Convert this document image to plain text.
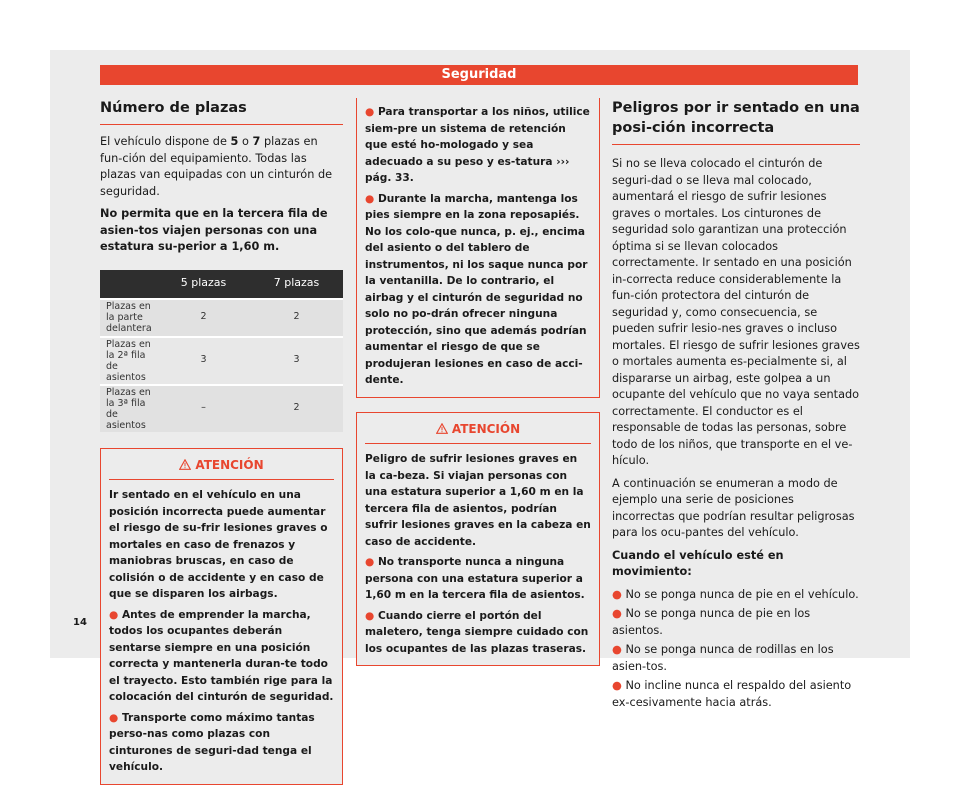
Seguridad
Número de plazas

El vehículo dispone de 5 o 7 plazas en fun-ción del equipamiento. Todas las plazas van equipadas con un cinturón de seguridad.

No permita que en la tercera fila de asien-tos viajen personas con una estatura su-perior a 1,60 m.

	5 plazas	7 plazas
Plazas en la parte delantera	2	2
Plazas en la 2ª fila de asientos	3	3
Plazas en la 3ª fila de asientos	–	2
ATENCIÓN

Ir sentado en el vehículo en una posición incorrecta puede aumentar el riesgo de su-frir lesiones graves o mortales en caso de frenazos y maniobras bruscas, en caso de colisión o de accidente y en caso de que se disparen los airbags.

● Antes de emprender la marcha, todos los ocupantes deberán sentarse siempre en una posición correcta y mantenerla duran-te todo el trayecto. Esto también rige para la colocación del cinturón de seguridad.

● Transporte como máximo tantas perso-nas como plazas con cinturones de seguri-dad tenga el vehículo.

● Para transportar a los niños, utilice siem-pre un sistema de retención que esté ho-mologado y sea adecuado a su peso y es-tatura ››› pág. 33.

● Durante la marcha, mantenga los pies siempre en la zona reposapiés. No los colo-que nunca, p. ej., encima del asiento o del tablero de instrumentos, ni los saque nunca por la ventanilla. De lo contrario, el airbag y el cinturón de seguridad no solo no po-drán ofrecer ninguna protección, sino que además podrían aumentar el riesgo de que se produjeran lesiones en caso de acci-dente.

ATENCIÓN

Peligro de sufrir lesiones graves en la ca-beza. Si viajan personas con una estatura superior a 1,60 m en la tercera fila de asientos, podrían sufrir lesiones graves en la cabeza en caso de accidente.

● No transporte nunca a ninguna persona con una estatura superior a 1,60 m en la tercera fila de asientos.

● Cuando cierre el portón del maletero, tenga siempre cuidado con los ocupantes de las plazas traseras.

Peligros por ir sentado en una posi-ción incorrecta

Si no se lleva colocado el cinturón de seguri-dad o se lleva mal colocado, aumentará el riesgo de sufrir lesiones graves o mortales. Los cinturones de seguridad solo garantizan una protección óptima si se llevan colocados correctamente. Ir sentado en una posición in-correcta reduce considerablemente la fun-ción protectora del cinturón de seguridad y, como consecuencia, se pueden sufrir lesio-nes graves o incluso mortales. El riesgo de sufrir lesiones graves o mortales aumenta es-pecialmente si, al dispararse un airbag, este golpea a un ocupante del vehículo que no vaya sentado correctamente. El conductor es el responsable de todas las personas, sobre todo de los niños, que transporte en el ve-hículo.

A continuación se enumeran a modo de ejemplo una serie de posiciones incorrectas que podrían resultar peligrosas para los ocu-pantes del vehículo.

Cuando el vehículo esté en movimiento:

● No se ponga nunca de pie en el vehículo.

● No se ponga nunca de pie en los asientos.

● No se ponga nunca de rodillas en los asien-tos.

● No incline nunca el respaldo del asiento ex-cesivamente hacia atrás.

14
